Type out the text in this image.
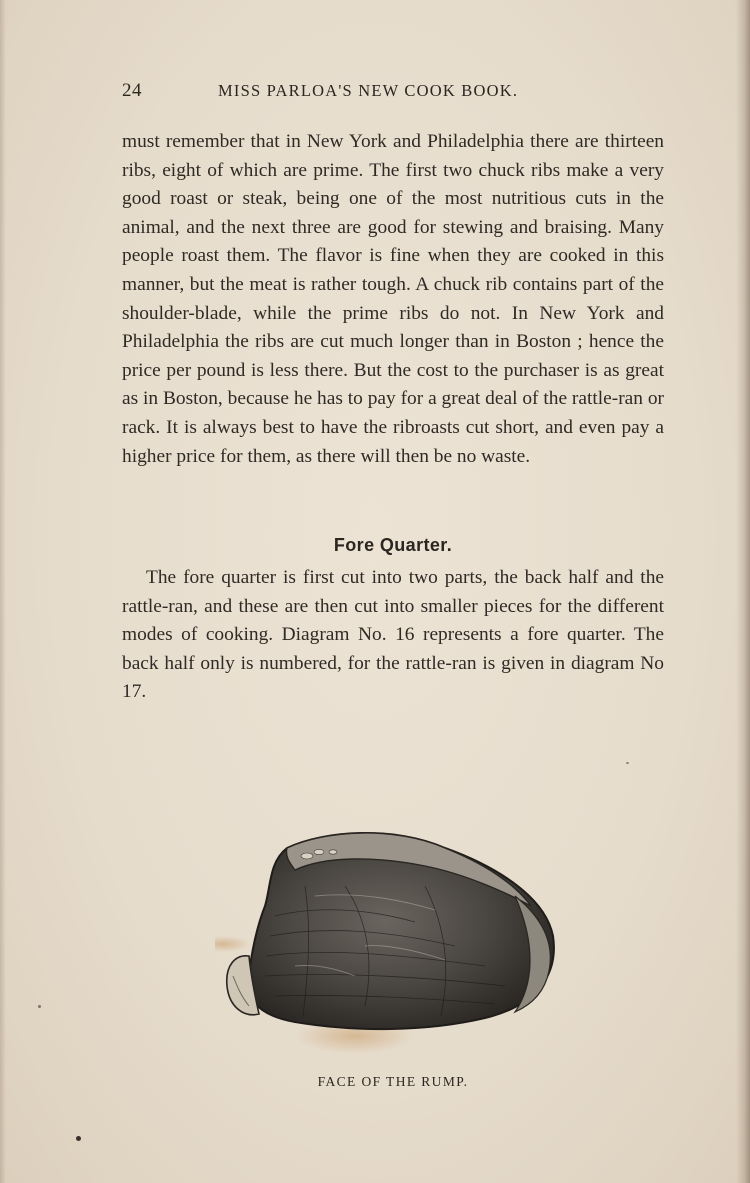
24	MISS PARLOA'S NEW COOK BOOK.

must remember that in New York and Philadelphia there are thirteen ribs, eight of which are prime. The first two chuck ribs make a very good roast or steak, being one of the most nutritious cuts in the animal, and the next three are good for stewing and braising. Many people roast them. The flavor is fine when they are cooked in this manner, but the meat is rather tough. A chuck rib contains part of the shoulder-blade, while the prime ribs do not. In New York and Philadelphia the ribs are cut much longer than in Boston ; hence the price per pound is less there. But the cost to the purchaser is as great as in Boston, because he has to pay for a great deal of the rattle-ran or rack. It is always best to have the ribroasts cut short, and even pay a higher price for them, as there will then be no waste.

Fore Quarter.

The fore quarter is first cut into two parts, the back half and the rattle-ran, and these are then cut into smaller pieces for the different modes of cooking. Diagram No. 16 represents a fore quarter. The back half only is numbered, for the rattle-ran is given in diagram No 17.

FACE OF THE RUMP.
